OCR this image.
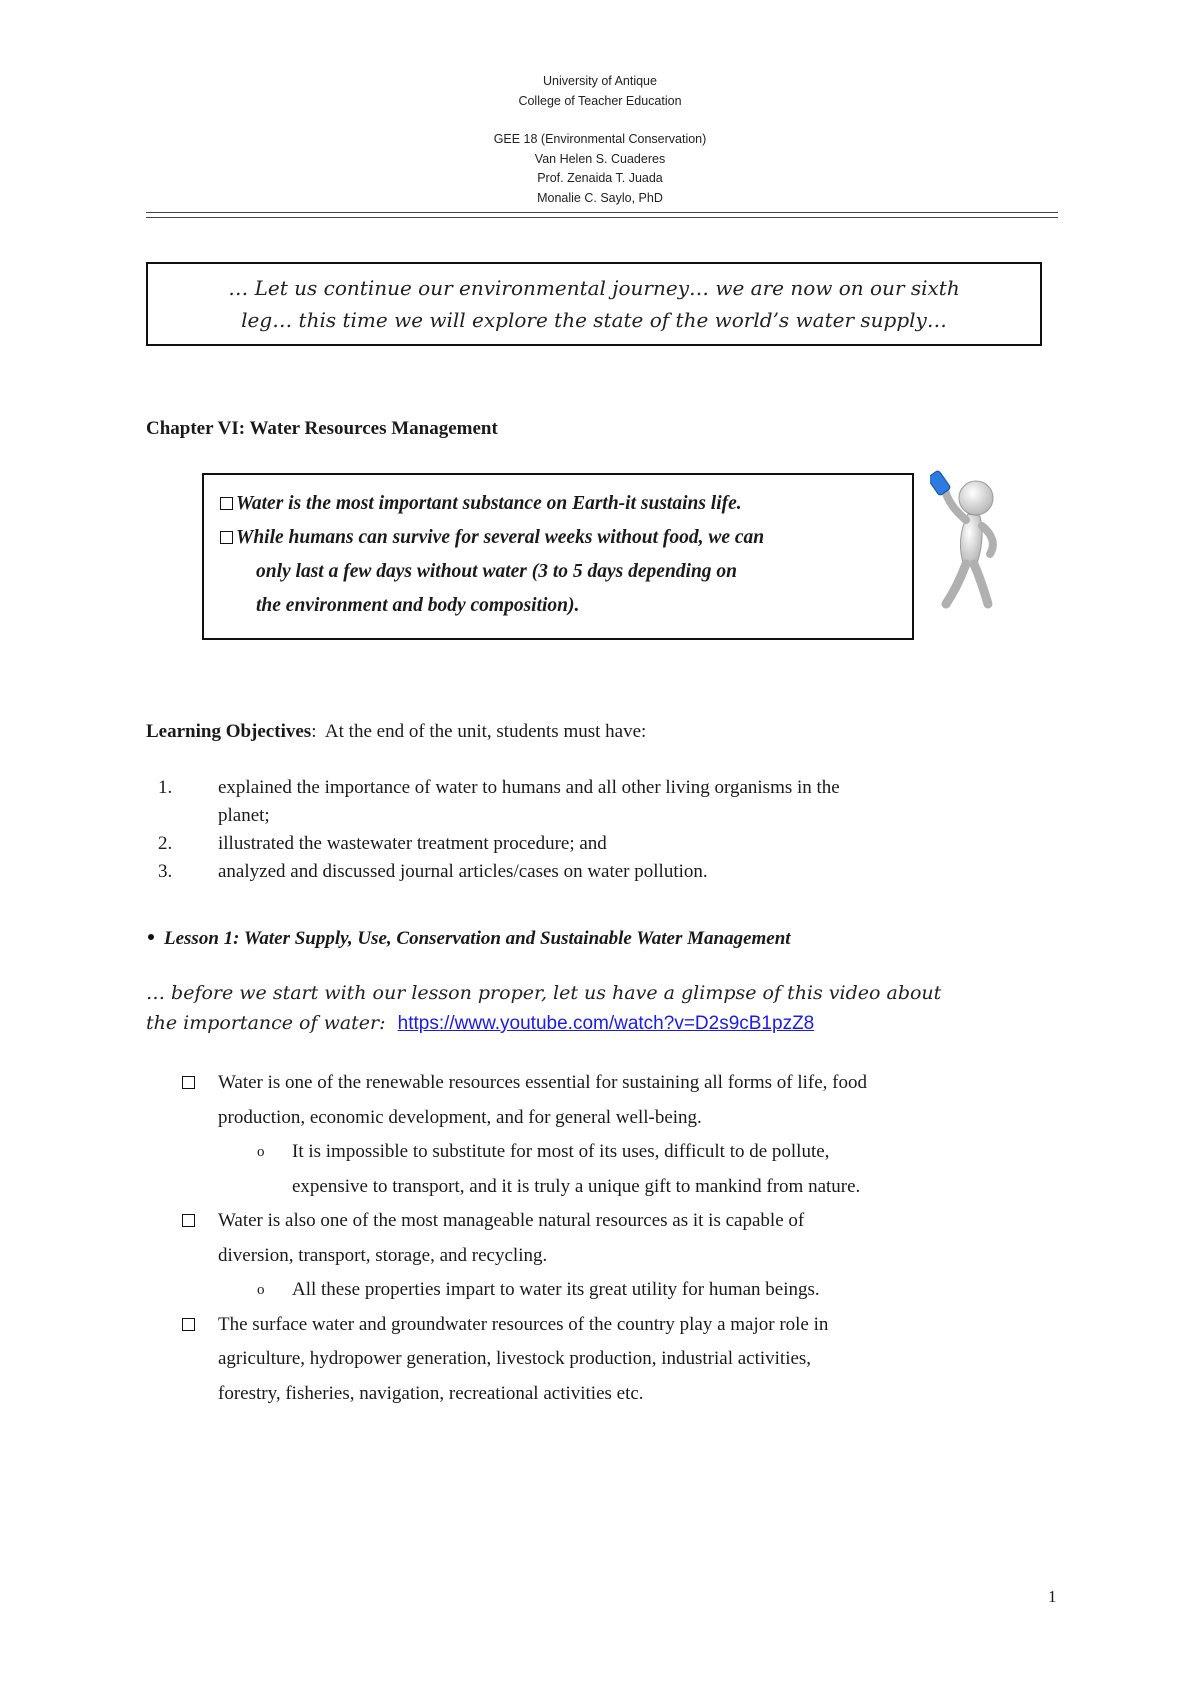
University of Antique
College of Teacher Education
GEE 18 (Environmental Conservation)
Van Helen S. Cuaderes
Prof. Zenaida T. Juada
Monalie C. Saylo, PhD
… Let us continue our environmental journey… we are now on our sixth
leg… this time we will explore the state of the world’s water supply…
Chapter VI: Water Resources Management
Water is the most important substance on Earth-it sustains life.
While humans can survive for several weeks without food, we can
only last a few days without water (3 to 5 days depending on
the environment and body composition).
Learning Objectives:  At the end of the unit, students must have:
1.	explained the importance of water to humans and all other living organisms in the
planet;
2.	illustrated the wastewater treatment procedure; and
3.	analyzed and discussed journal articles/cases on water pollution.
Lesson 1: Water Supply, Use, Conservation and Sustainable Water Management
… before we start with our lesson proper, let us have a glimpse of this video about
the importance of water: https://www.youtube.com/watch?v=D2s9cB1pzZ8
Water is one of the renewable resources essential for sustaining all forms of life, food
production, economic development, and for general well-being.
o	It is impossible to substitute for most of its uses, difficult to de pollute,
expensive to transport, and it is truly a unique gift to mankind from nature.
Water is also one of the most manageable natural resources as it is capable of
diversion, transport, storage, and recycling.
o	All these properties impart to water its great utility for human beings.
The surface water and groundwater resources of the country play a major role in
agriculture, hydropower generation, livestock production, industrial activities,
forestry, fisheries, navigation, recreational activities etc.
1
